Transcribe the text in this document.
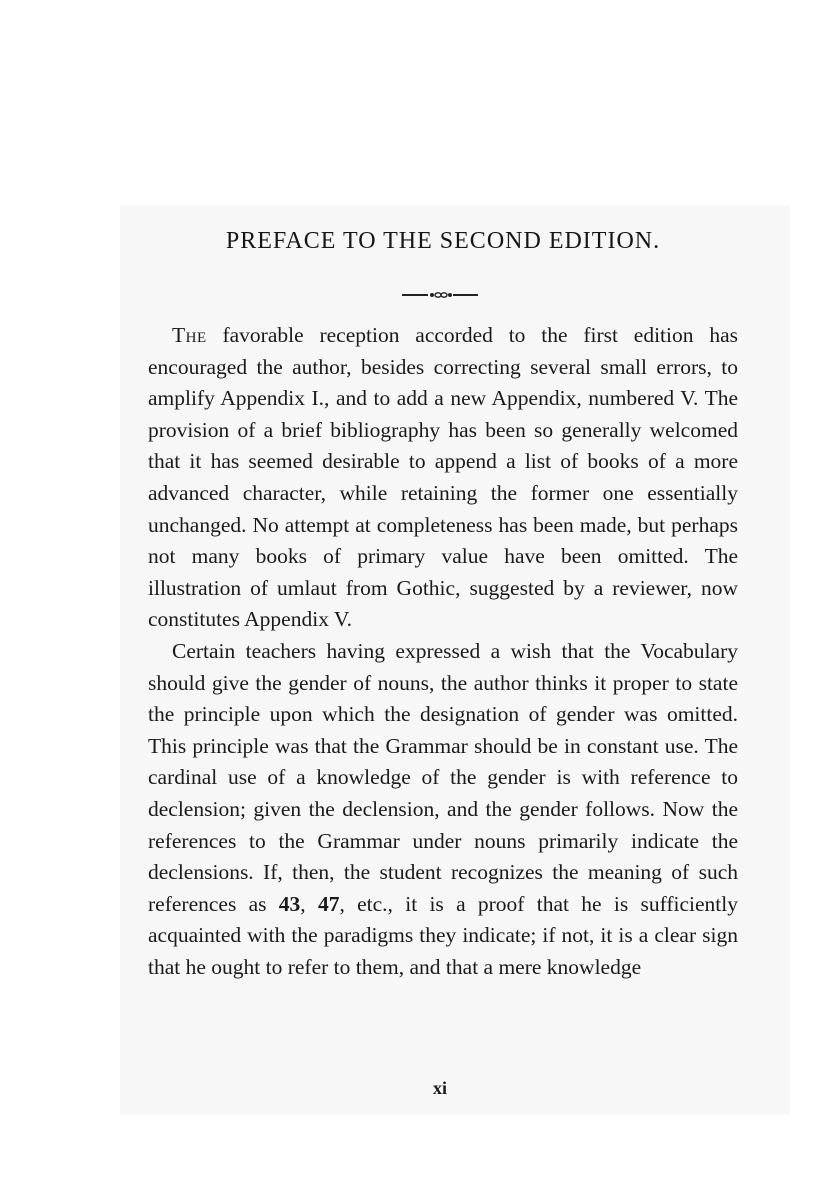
PREFACE TO THE SECOND EDITION.

The favorable reception accorded to the first edition has encouraged the author, besides correcting several small errors, to amplify Appendix I., and to add a new Appendix, numbered V. The provision of a brief bibliography has been so generally welcomed that it has seemed desirable to append a list of books of a more advanced character, while retaining the former one essentially unchanged. No attempt at completeness has been made, but perhaps not many books of primary value have been omitted. The illustration of umlaut from Gothic, suggested by a reviewer, now constitutes Appendix V.

Certain teachers having expressed a wish that the Vocabulary should give the gender of nouns, the author thinks it proper to state the principle upon which the designation of gender was omitted. This principle was that the Grammar should be in constant use. The cardinal use of a knowledge of the gender is with reference to declension; given the declension, and the gender follows. Now the references to the Grammar under nouns primarily indicate the declensions. If, then, the student recognizes the meaning of such references as 43, 47, etc., it is a proof that he is sufficiently acquainted with the paradigms they indicate; if not, it is a clear sign that he ought to refer to them, and that a mere knowledge

xi
